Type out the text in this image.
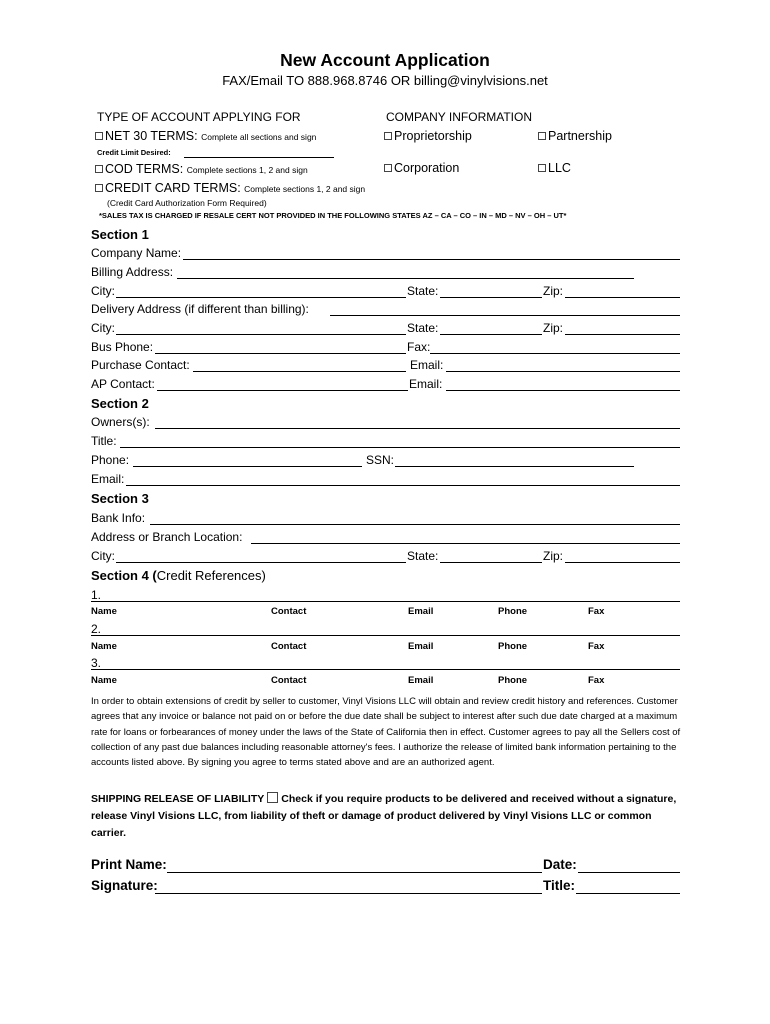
New Account Application
FAX/Email TO 888.968.8746 OR billing@vinylvisions.net
TYPE OF ACCOUNT APPLYING FOR
NET 30 TERMS: Complete all sections and sign
Credit Limit Desired:
COD TERMS: Complete sections 1, 2 and sign
CREDIT CARD TERMS: Complete sections 1, 2 and sign
(Credit Card Authorization Form Required)
*SALES TAX IS CHARGED IF RESALE CERT NOT PROVIDED IN THE FOLLOWING STATES AZ – CA – CO – IN – MD – NV – OH – UT*
COMPANY INFORMATION
Proprietorship	Partnership
Corporation	LLC
Section 1
Company Name:
Billing Address:
City:	State:	Zip:
Delivery Address (if different than billing):
City:	State:	Zip:
Bus Phone:	Fax:
Purchase Contact:	Email:
AP Contact:	Email:
Section 2
Owners(s):
Title:
Phone:	SSN:
Email:
Section 3
Bank Info:
Address or Branch Location:
City:	State:	Zip:
Section 4 (Credit References)
1.
Name	Contact	Email	Phone	Fax
2.
Name	Contact	Email	Phone	Fax
3.
Name	Contact	Email	Phone	Fax
In order to obtain extensions of credit by seller to customer, Vinyl Visions LLC will obtain and review credit history and references. Customer agrees that any invoice or balance not paid on or before the due date shall be subject to interest after such due date charged at a maximum rate for loans or forbearances of money under the laws of the State of California then in effect. Customer agrees to pay all the Sellers cost of collection of any past due balances including reasonable attorney's fees. I authorize the release of limited bank information pertaining to the accounts listed above. By signing you agree to terms stated above and are an authorized agent.
SHIPPING RELEASE OF LIABILITY Check if you require products to be delivered and received without a signature, release Vinyl Visions LLC, from liability of theft or damage of product delivered by Vinyl Visions LLC or common carrier.
Print Name:	Date:
Signature:	Title:
